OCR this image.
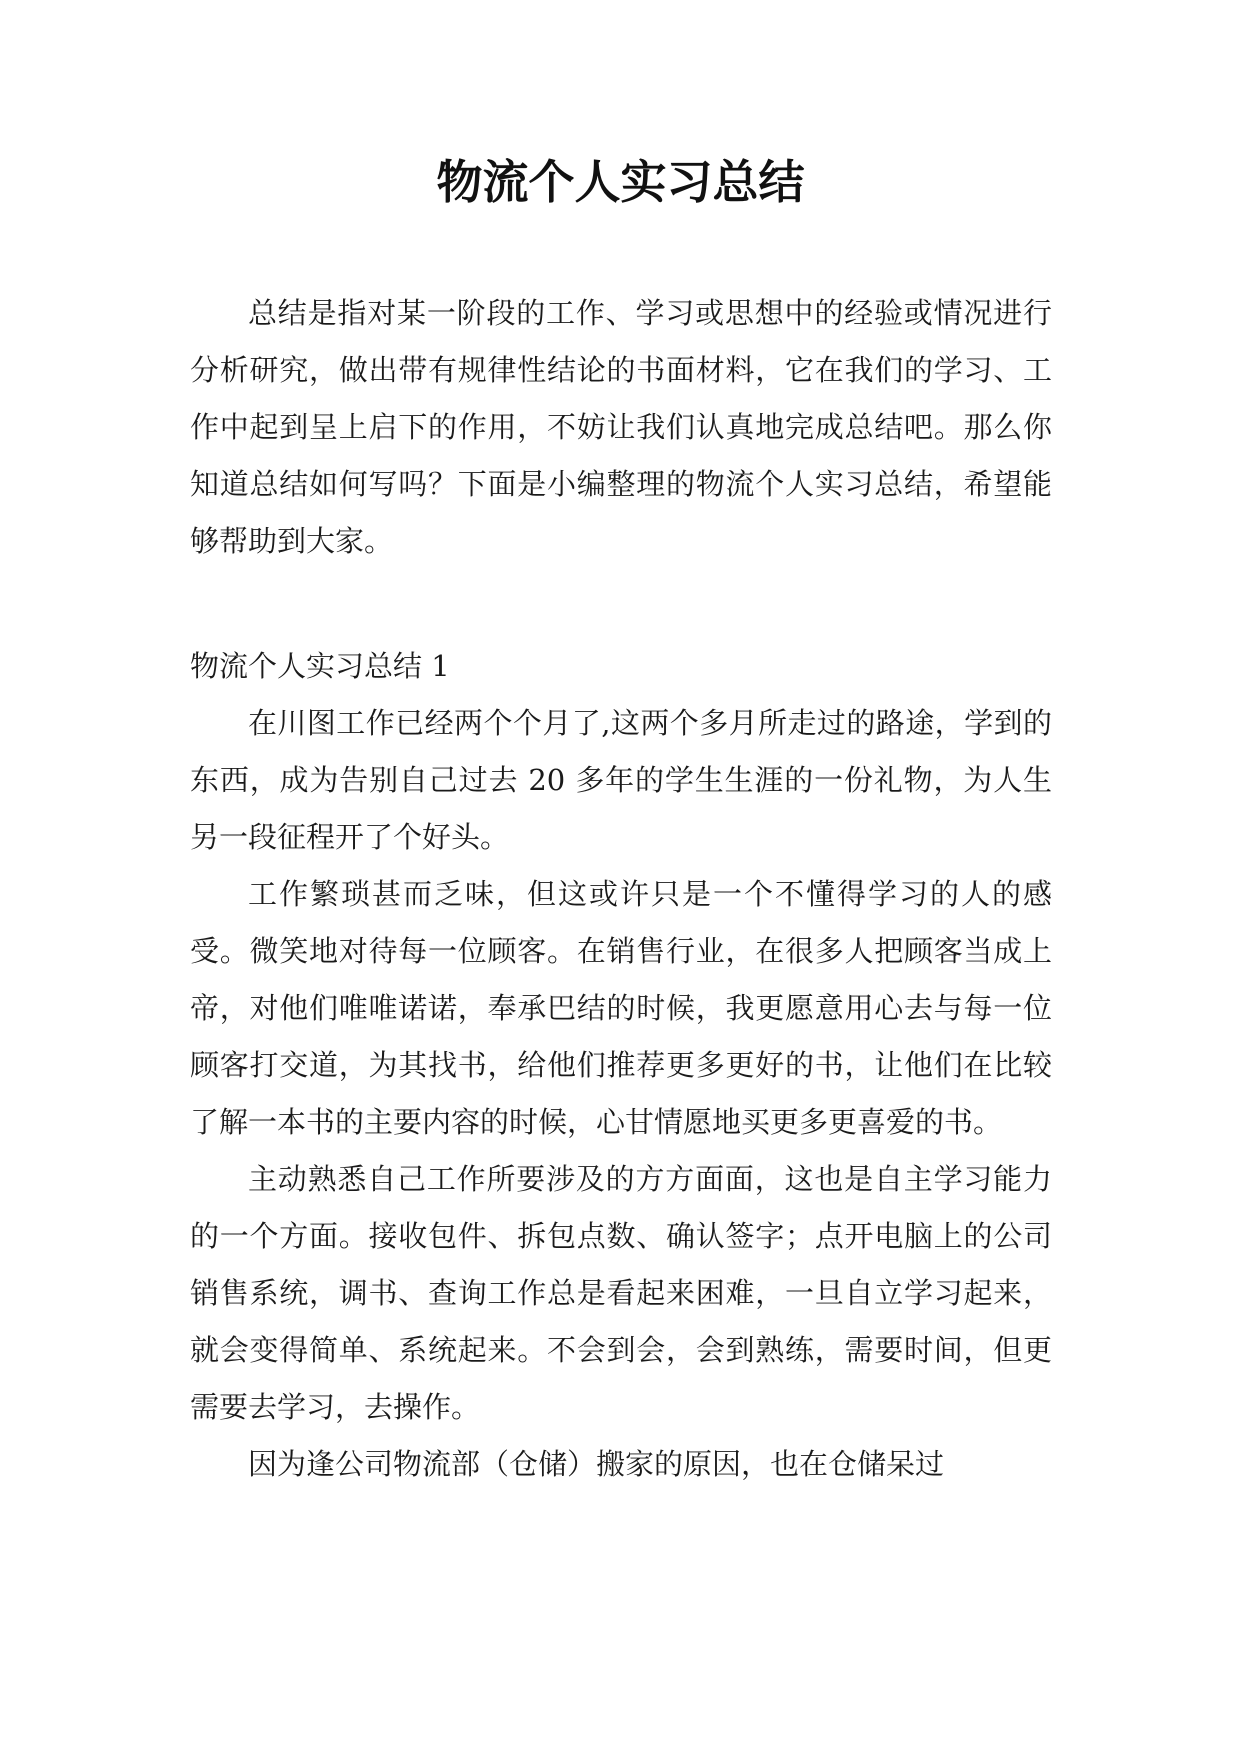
物流个人实习总结

总结是指对某一阶段的工作、学习或思想中的经验或情况进行分析研究，做出带有规律性结论的书面材料，它在我们的学习、工作中起到呈上启下的作用，不妨让我们认真地完成总结吧。那么你知道总结如何写吗？下面是小编整理的物流个人实习总结，希望能够帮助到大家。

物流个人实习总结 1

在川图工作已经两个个月了,这两个多月所走过的路途，学到的东西，成为告别自己过去 20 多年的学生生涯的一份礼物，为人生另一段征程开了个好头。

工作繁琐甚而乏味，但这或许只是一个不懂得学习的人的感受。微笑地对待每一位顾客。在销售行业，在很多人把顾客当成上帝，对他们唯唯诺诺，奉承巴结的时候，我更愿意用心去与每一位顾客打交道，为其找书，给他们推荐更多更好的书，让他们在比较了解一本书的主要内容的时候，心甘情愿地买更多更喜爱的书。

主动熟悉自己工作所要涉及的方方面面，这也是自主学习能力的一个方面。接收包件、拆包点数、确认签字；点开电脑上的公司销售系统，调书、查询工作总是看起来困难，一旦自立学习起来，就会变得简单、系统起来。不会到会，会到熟练，需要时间，但更需要去学习，去操作。

因为逢公司物流部（仓储）搬家的原因，也在仓储呆过
